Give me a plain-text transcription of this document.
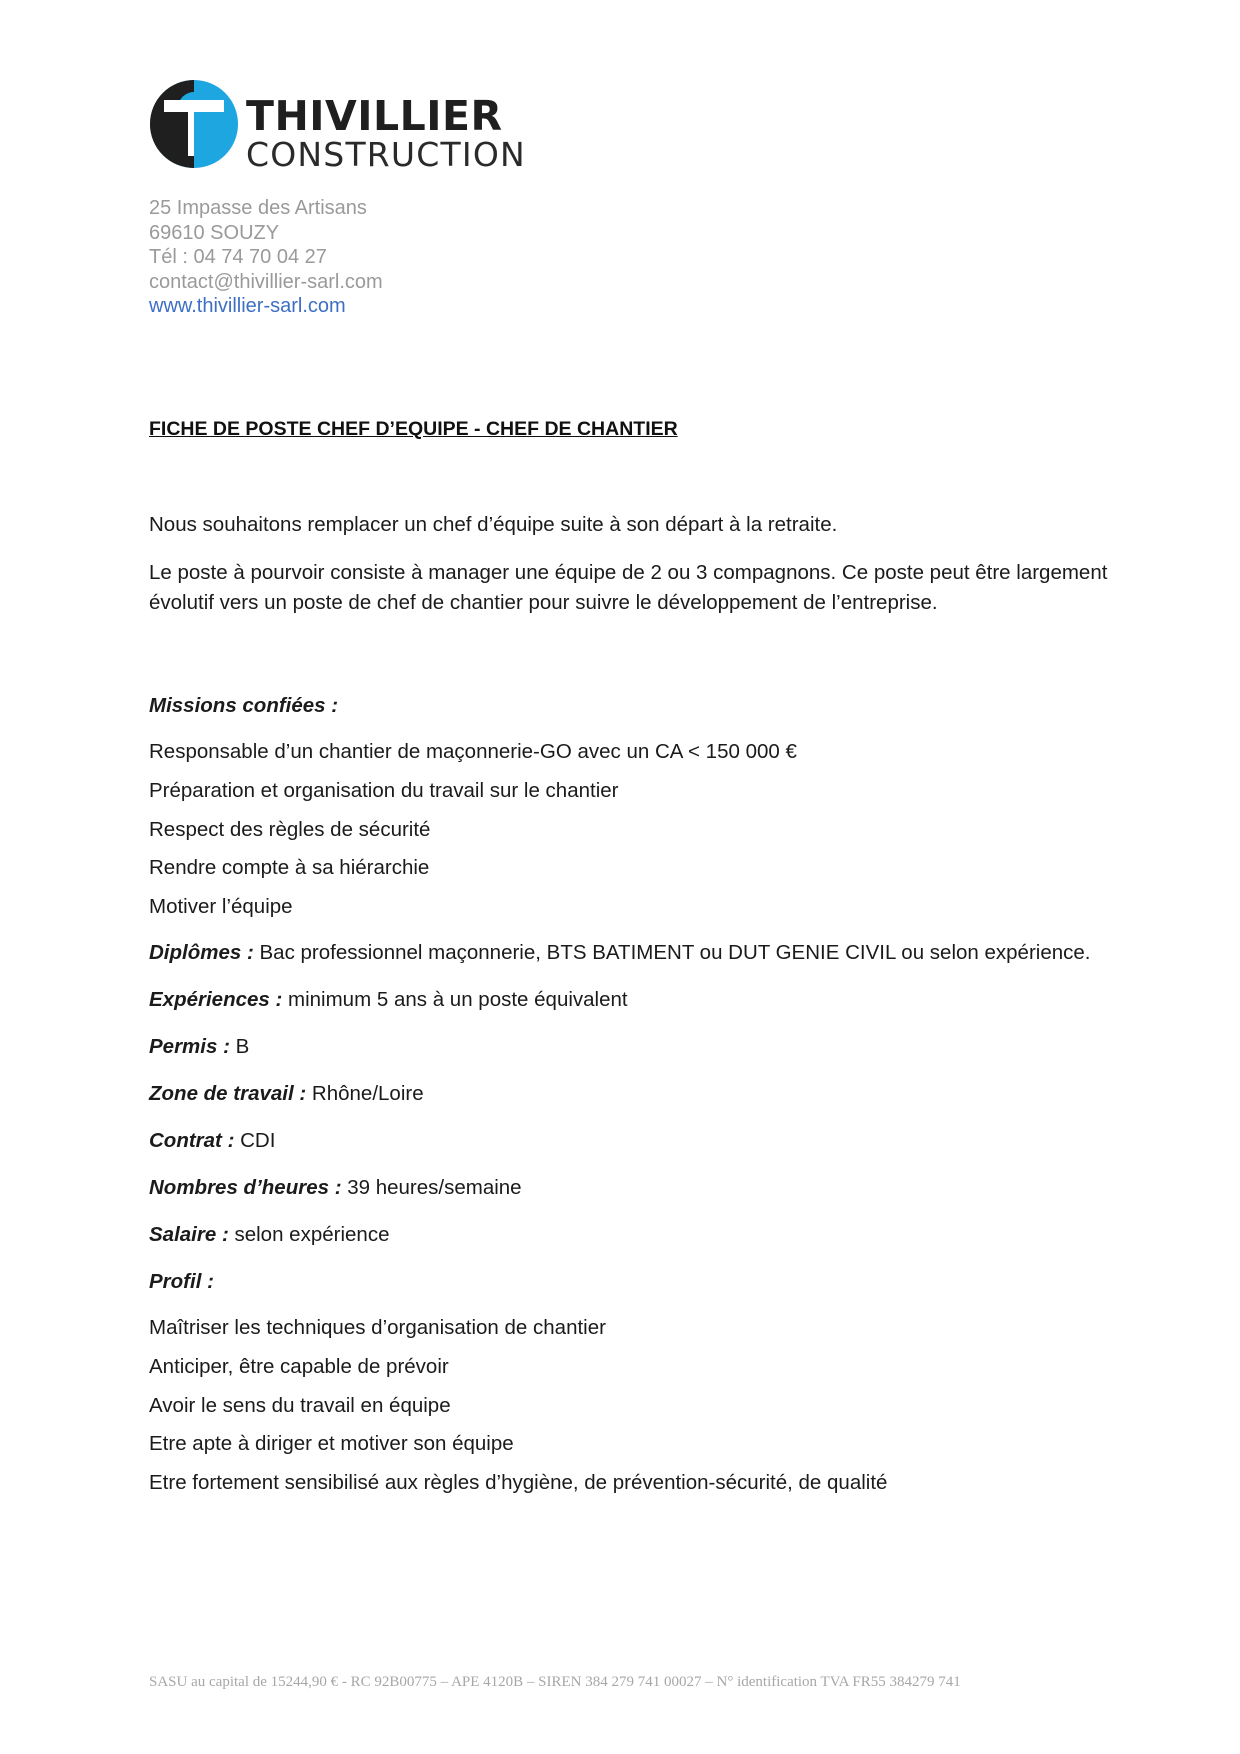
THIVILLIER
CONSTRUCTION
25 Impasse des Artisans
69610 SOUZY
Tél : 04 74 70 04 27
contact@thivillier-sarl.com
www.thivillier-sarl.com
FICHE DE POSTE CHEF D’EQUIPE - CHEF DE CHANTIER

Nous souhaitons remplacer un chef d’équipe suite à son départ à la retraite.

Le poste à pourvoir consiste à manager une équipe de 2 ou 3 compagnons. Ce poste peut être largement évolutif vers un poste de chef de chantier pour suivre le développement de l’entreprise.

Missions confiées :
Responsable d’un chantier de maçonnerie-GO avec un CA < 150 000 €
Préparation et organisation du travail sur le chantier
Respect des règles de sécurité
Rendre compte à sa hiérarchie
Motiver l’équipe
Diplômes : Bac professionnel maçonnerie, BTS BATIMENT ou DUT GENIE CIVIL ou selon expérience.
Expériences : minimum 5 ans à un poste équivalent
Permis : B
Zone de travail : Rhône/Loire
Contrat : CDI
Nombres d’heures : 39 heures/semaine
Salaire : selon expérience
Profil :
Maîtriser les techniques d’organisation de chantier
Anticiper, être capable de prévoir
Avoir le sens du travail en équipe
Etre apte à diriger et motiver son équipe
Etre fortement sensibilisé aux règles d’hygiène, de prévention-sécurité, de qualité
SASU au capital de 15244,90 € - RC 92B00775 – APE 4120B – SIREN 384 279 741 00027 – N° identification TVA FR55 384279 741
